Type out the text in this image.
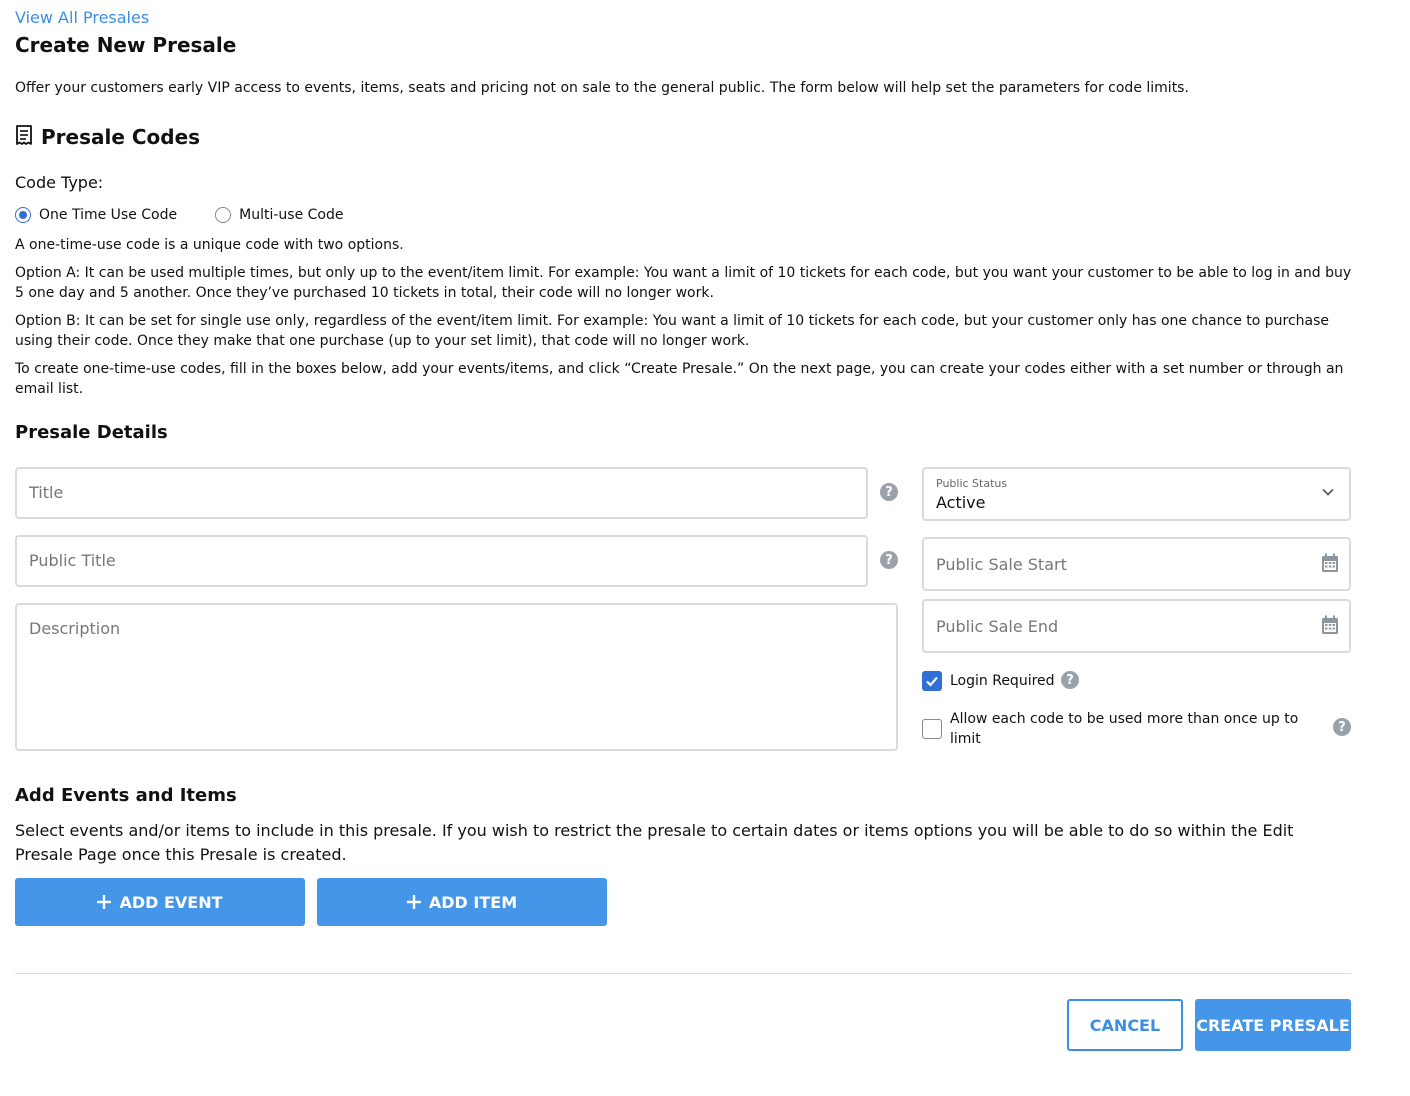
View All Presales
Create New Presale
Offer your customers early VIP access to events, items, seats and pricing not on sale to the general public. The form below will help set the parameters for code limits.
Presale Codes
Code Type:
One Time Use Code	Multi-use Code
A one-time-use code is a unique code with two options.
Option A: It can be used multiple times, but only up to the event/item limit. For example: You want a limit of 10 tickets for each code, but you want your customer to be able to log in and buy 5 one day and 5 another. Once they’ve purchased 10 tickets in total, their code will no longer work.
Option B: It can be set for single use only, regardless of the event/item limit. For example: You want a limit of 10 tickets for each code, but your customer only has one chance to purchase using their code. Once they make that one purchase (up to your set limit), that code will no longer work.
To create one-time-use codes, fill in the boxes below, add your events/items, and click “Create Presale.” On the next page, you can create your codes either with a set number or through an email list.
Presale Details
Title	?
Public Title	?
Description
Public Status
Active
Public Sale Start
Public Sale End
Login Required ?
Allow each code to be used more than once up to limit
?
Add Events and Items
Select events and/or items to include in this presale. If you wish to restrict the presale to certain dates or items options you will be able to do so within the Edit Presale Page once this Presale is created.
ADD EVENT	ADD ITEM
CANCEL CREATE PRESALE
